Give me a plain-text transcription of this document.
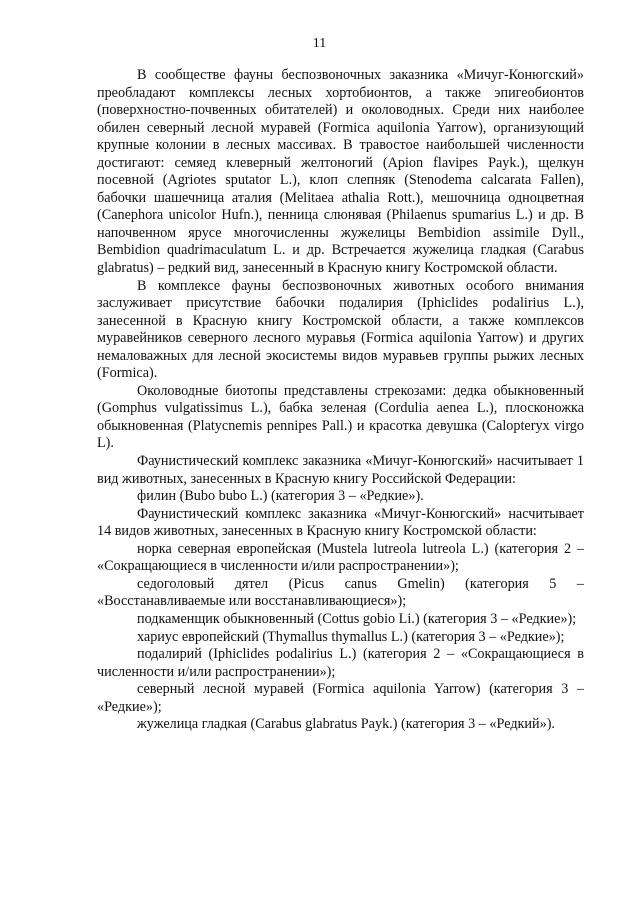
11

В сообществе фауны беспозвоночных заказника «Мичуг-Конюгский» преобладают комплексы лесных хортобионтов, а также эпигеобионтов (поверхностно-почвенных обитателей) и околоводных. Среди них наиболее обилен северный лесной муравей (Formica aquilonia Yarrow), организующий крупные колонии в лесных массивах. В травостое наибольшей численности достигают: семяед клеверный желтоногий (Apion flavipes Payk.), щелкун посевной (Agriotes sputator L.), клоп слепняк (Stenodema calcarata Fallen), бабочки шашечница аталия (Melitaea athalia Rott.), мешочница одноцветная (Canephora unicolor Hufn.), пенница слюнявая (Philaenus spumarius L.) и др. В напочвенном ярусе многочисленны жужелицы Bembidion assimile Dyll., Bembidion quadrimaculatum L. и др. Встречается жужелица гладкая (Carabus glabratus) – редкий вид, занесенный в Красную книгу Костромской области.

В комплексе фауны беспозвоночных животных особого внимания заслуживает присутствие бабочки подалирия (Iphiclides podalirius L.), занесенной в Красную книгу Костромской области, а также комплексов муравейников северного лесного муравья (Formica aquilonia Yarrow) и других немаловажных для лесной экосистемы видов муравьев группы рыжих лесных (Formica).

Околоводные биотопы представлены стрекозами: дедка обыкновенный (Gomphus vulgatissimus L.), бабка зеленая (Cordulia aenea L.), плосконожка обыкновенная (Platycnemis pennipes Pall.) и красотка девушка (Calopteryx virgo L).

Фаунистический комплекс заказника «Мичуг-Конюгский» насчитывает 1 вид животных, занесенных в Красную книгу Российской Федерации:

филин (Bubo bubo L.) (категория 3 – «Редкие»).

Фаунистический комплекс заказника «Мичуг-Конюгский» насчитывает 14 видов животных, занесенных в Красную книгу Костромской области:

норка северная европейская (Mustela lutreola lutreola L.) (категория 2 – «Сокращающиеся в численности и/или распространении»);

седоголовый дятел (Picus canus Gmelin) (категория 5 – «Восстанавливаемые или восстанавливающиеся»);

подкаменщик обыкновенный (Cottus gobio Li.) (категория 3 – «Редкие»);

хариус европейский (Thymallus thymallus L.) (категория 3 – «Редкие»);

подалирий (Iphiclides podalirius L.) (категория 2 – «Сокращающиеся в численности и/или распространении»);

северный лесной муравей (Formica aquilonia Yarrow) (категория 3 – «Редкие»);

жужелица гладкая (Carabus glabratus Payk.) (категория 3 – «Редкий»).
